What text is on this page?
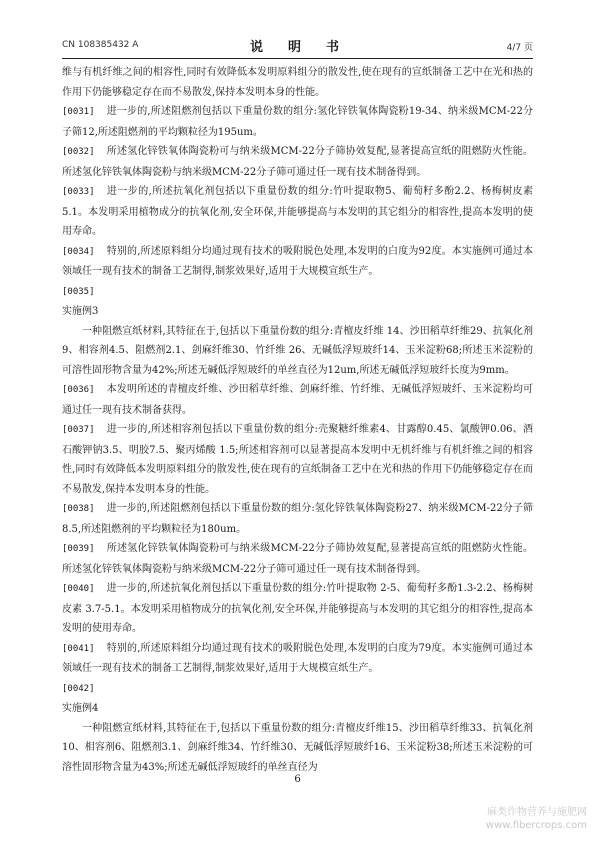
CN 108385432 A	说　明　书	4/7 页

维与有机纤维之间的相容性,同时有效降低本发明原料组分的散发性,使在现有的宣纸制备工艺中在光和热的作用下仍能够稳定存在而不易散发,保持本发明本身的性能。

[0031] 进一步的,所述阻燃剂包括以下重量份数的组分:氢化锌铁氧体陶瓷粉19-34、纳米级MCM-22分子筛12,所述阻燃剂的平均颗粒径为195um。

[0032] 所述氢化锌铁氧体陶瓷粉可与纳米级MCM-22分子筛协效复配,显著提高宣纸的阻燃防火性能。所述氢化锌铁氧体陶瓷粉与纳米级MCM-22分子筛可通过任一现有技术制备得到。

[0033] 进一步的,所述抗氧化剂包括以下重量份数的组分:竹叶提取物5、葡萄籽多酚2.2、杨梅树皮素5.1。本发明采用植物成分的抗氧化剂,安全环保,并能够提高与本发明的其它组分的相容性,提高本发明的使用寿命。

[0034] 特别的,所述原料组分均通过现有技术的吸附脱色处理,本发明的白度为92度。本实施例可通过本领域任一现有技术的制备工艺制得,制浆效果好,适用于大规模宣纸生产。

[0035]

实施例3

一种阻燃宣纸材料,其特征在于,包括以下重量份数的组分:青檀皮纤维 14、沙田稻草纤维29、抗氧化剂9、相容剂4.5、阻燃剂2.1、剑麻纤维30、竹纤维 26、无碱低浮短玻纤14、玉米淀粉68;所述玉米淀粉的可溶性固形物含量为42%;所述无碱低浮短玻纤的单丝直径为12um,所述无碱低浮短玻纤长度为9mm。

[0036] 本发明所述的青檀皮纤维、沙田稻草纤维、剑麻纤维、竹纤维、无碱低浮短玻纤、玉米淀粉均可通过任一现有技术制备获得。

[0037] 进一步的,所述相容剂包括以下重量份数的组分:壳聚糖纤维素4、甘露醇0.45、氯酸钾0.06、酒石酸钾钠3.5、明胶7.5、聚丙烯酸 1.5;所述相容剂可以显著提高本发明中无机纤维与有机纤维之间的相容性,同时有效降低本发明原料组分的散发性,使在现有的宣纸制备工艺中在光和热的作用下仍能够稳定存在而不易散发,保持本发明本身的性能。

[0038] 进一步的,所述阻燃剂包括以下重量份数的组分:氢化锌铁氧体陶瓷粉27、纳米级MCM-22分子筛8.5,所述阻燃剂的平均颗粒径为180um。

[0039] 所述氢化锌铁氧体陶瓷粉可与纳米级MCM-22分子筛协效复配,显著提高宣纸的阻燃防火性能。所述氢化锌铁氧体陶瓷粉与纳米级MCM-22分子筛可通过任一现有技术制备得到。

[0040] 进一步的,所述抗氧化剂包括以下重量份数的组分:竹叶提取物 2-5、葡萄籽多酚1.3-2.2、杨梅树皮素 3.7-5.1。本发明采用植物成分的抗氧化剂,安全环保,并能够提高与本发明的其它组分的相容性,提高本发明的使用寿命。

[0041] 特别的,所述原料组分均通过现有技术的吸附脱色处理,本发明的白度为79度。本实施例可通过本领域任一现有技术的制备工艺制得,制浆效果好,适用于大规模宣纸生产。

[0042]

实施例4

一种阻燃宣纸材料,其特征在于,包括以下重量份数的组分:青檀皮纤维15、沙田稻草纤维33、抗氧化剂10、相容剂6、阻燃剂3.1、剑麻纤维34、竹纤维30、无碱低浮短玻纤16、玉米淀粉38;所述玉米淀粉的可溶性固形物含量为43%;所述无碱低浮短玻纤的单丝直径为

6
麻类作物营养与施肥网
www.fibercrops.com
